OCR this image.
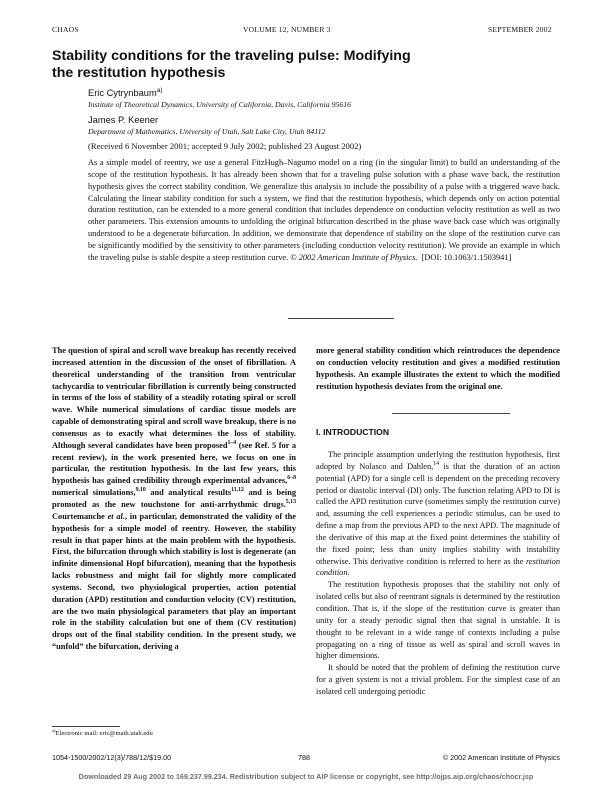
CHAOS	VOLUME 12, NUMBER 3	SEPTEMBER 2002
Stability conditions for the traveling pulse: Modifying
the restitution hypothesis
Eric Cytrynbaum$^{a)}$
Institute of Theoretical Dynamics, University of California, Davis, California 95616
James P. Keener
Department of Mathematics, University of Utah, Salt Lake City, Utah 84112
(Received 6 November 2001; accepted 9 July 2002; published 23 August 2002)
As a simple model of reentry, we use a general FitzHugh–Nagumo model on a ring (in the singular limit) to build an understanding of the scope of the restitution hypothesis. It has already been shown that for a traveling pulse solution with a phase wave back, the restitution hypothesis gives the correct stability condition. We generalize this analysis to include the possibility of a pulse with a triggered wave back. Calculating the linear stability condition for such a system, we find that the restitution hypothesis, which depends only on action potential duration restitution, can be extended to a more general condition that includes dependence on conduction velocity restitution as well as two other parameters. This extension amounts to unfolding the original bifurcation described in the phase wave back case which was originally understood to be a degenerate bifurcation. In addition, we demonstrate that dependence of stability on the slope of the restitution curve can be significantly modified by the sensitivity to other parameters (including conduction velocity restitution). We provide an example in which the traveling pulse is stable despite a steep restitution curve. © 2002 American Institute of Physics. [DOI: 10.1063/1.1503941]
The question of spiral and scroll wave breakup has recently received increased attention in the discussion of the onset of fibrillation. A theoretical understanding of the transition from ventricular tachycardia to ventricular fibrillation is currently being constructed in terms of the loss of stability of a steadily rotating spiral or scroll wave. While numerical simulations of cardiac tissue models are capable of demonstrating spiral and scroll wave breakup, there is no consensus as to exactly what determines the loss of stability. Although several candidates have been proposed$^{1-4}$ (see Ref. 5 for a recent review), in the work presented here, we focus on one in particular, the restitution hypothesis. In the last few years, this hypothesis has gained credibility through experimental advances,$^{6-8}$ numerical simulations,$^{9,10}$ and analytical results$^{11,12}$ and is being promoted as the new touchstone for anti-arrhythmic drugs.$^{5,13}$ Courtemanche et al., in particular, demonstrated the validity of the hypothesis for a simple model of reentry. However, the stability result in that paper hints at the main problem with the hypothesis. First, the bifurcation through which stability is lost is degenerate (an infinite dimensional Hopf bifurcation), meaning that the hypothesis lacks robustness and might fail for slightly more complicated systems. Second, two physiological properties, action potential duration (APD) restitution and conduction velocity (CV) restitution, are the two main physiological parameters that play an important role in the stability calculation but one of them (CV restitution) drops out of the final stability condition. In the present study, we “unfold” the bifurcation, deriving a
more general stability condition which reintroduces the dependence on conduction velocity restitution and gives a modified restitution hypothesis. An example illustrates the extent to which the modified restitution hypothesis deviates from the original one.
I. INTRODUCTION

The principle assumption underlying the restitution hypothesis, first adopted by Nolasco and Dahlen,$^{14}$ is that the duration of an action potential (APD) for a single cell is dependent on the preceding recovery period or diastolic interval (DI) only. The function relating APD to DI is called the APD restitution curve (sometimes simply the restitution curve) and, assuming the cell experiences a periodic stimulus, can be used to define a map from the previous APD to the next APD. The magnitude of the derivative of this map at the fixed point determines the stability of the fixed point; less than unity implies stability with instability otherwise. This derivative condition is referred to here as the restitution condition.

The restitution hypothesis proposes that the stability not only of isolated cells but also of reentrant signals is determined by the restitution condition. That is, if the slope of the restitution curve is greater than unity for a steady periodic signal then that signal is unstable. It is thought to be relevant in a wide range of contexts including a pulse propagating on a ring of tissue as well as spiral and scroll waves in higher dimensions.

It should be noted that the problem of defining the restitution curve for a given system is not a trivial problem. For the simplest case of an isolated cell undergoing periodic

$^{a)}$Electronic mail: eric@math.utah.edu
1054-1500/2002/12(3)/788/12/$19.00	788	© 2002 American Institute of Physics
Downloaded 29 Aug 2002 to 169.237.99.234. Redistribution subject to AIP license or copyright, see http://ojps.aip.org/chaos/chocr.jsp
